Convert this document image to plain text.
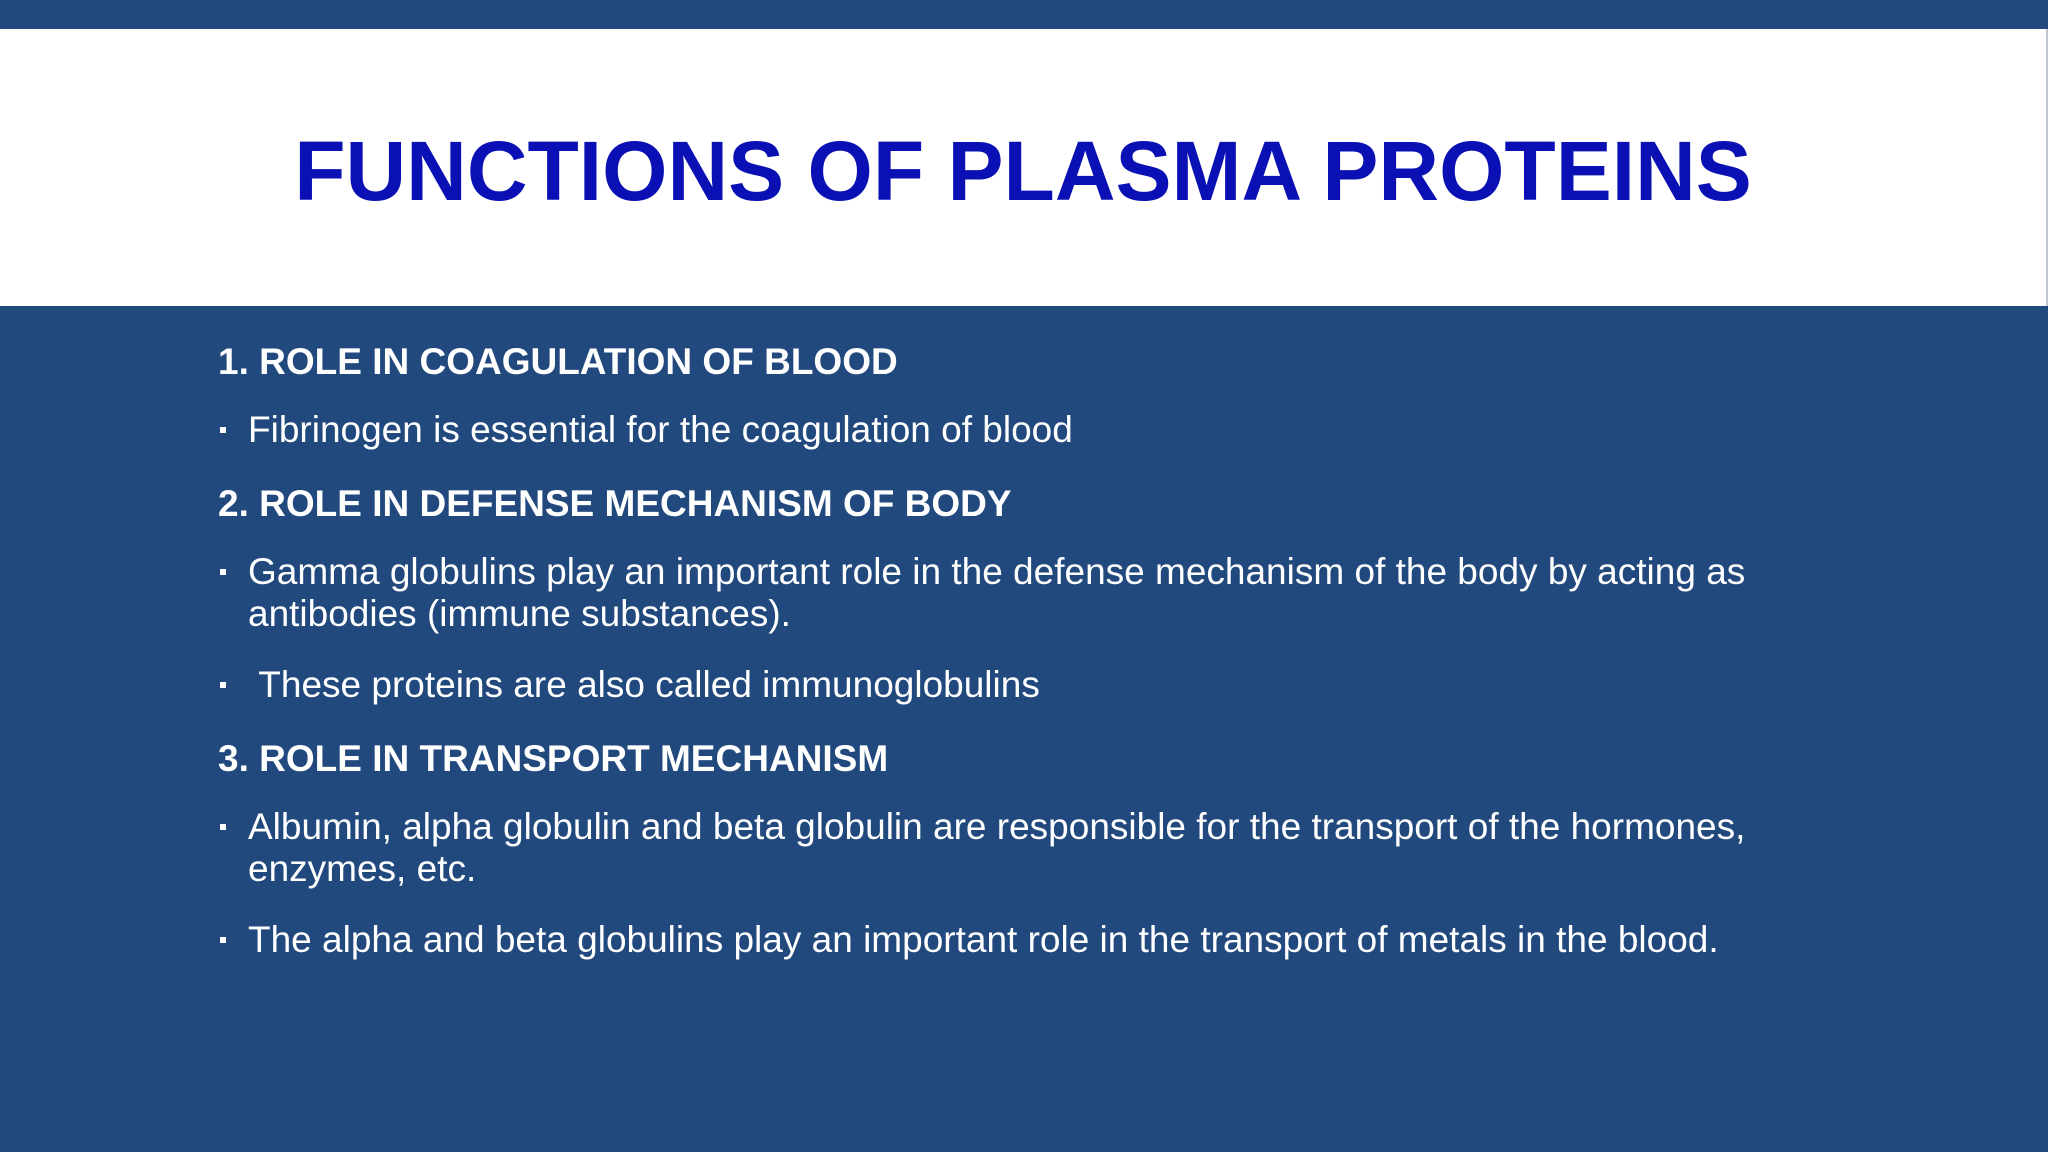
FUNCTIONS OF PLASMA PROTEINS
1. ROLE IN COAGULATION OF BLOOD
Fibrinogen is essential for the coagulation of blood
2. ROLE IN DEFENSE MECHANISM OF BODY
Gamma globulins play an important role in the defense mechanism of the body by acting as antibodies (immune substances).
These proteins are also called immunoglobulins
3. ROLE IN TRANSPORT MECHANISM
Albumin, alpha globulin and beta globulin are responsible for the transport of the hormones, enzymes, etc.
The alpha and beta globulins play an important role in the transport of metals in the blood.
